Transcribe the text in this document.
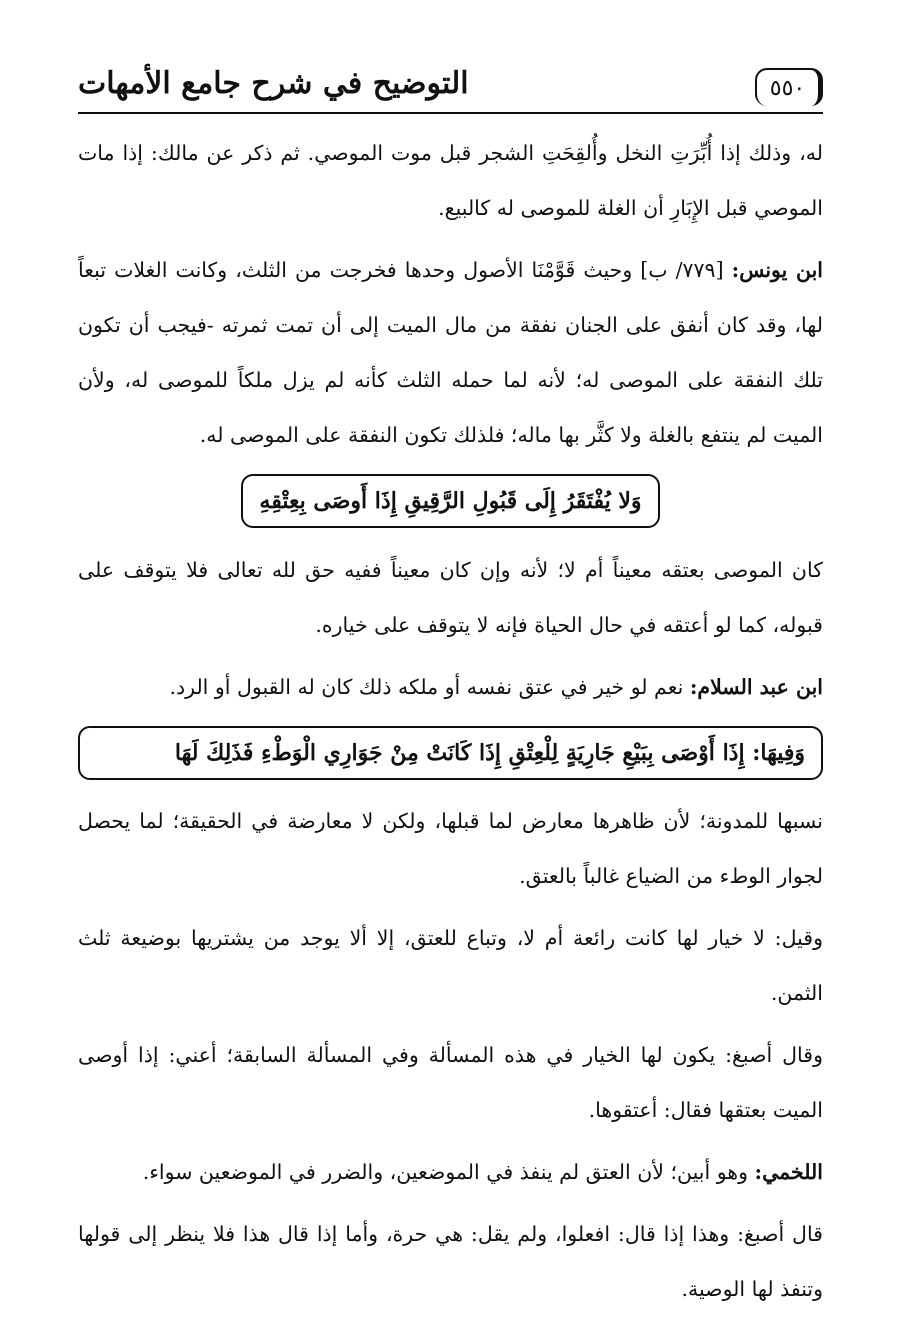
التوضيح في شرح جامع الأمهات	٥٥٠

له، وذلك إذا أُبِّرَتِ النخل وأُلقِحَتِ الشجر قبل موت الموصي. ثم ذكر عن مالك: إذا مات الموصي قبل الإِبَارِ أن الغلة للموصى له كالبيع.

ابن يونس: [٧٧٩/ ب] وحيث قَوَّمْنَا الأصول وحدها فخرجت من الثلث، وكانت الغلات تبعاً لها، وقد كان أنفق على الجنان نفقة من مال الميت إلى أن تمت ثمرته -فيجب أن تكون تلك النفقة على الموصى له؛ لأنه لما حمله الثلث كأنه لم يزل ملكاً للموصى له، ولأن الميت لم ينتفع بالغلة ولا كثَّر بها ماله؛ فلذلك تكون النفقة على الموصى له.

وَلا يُفْتَقَرُ إِلَى قَبُولِ الرَّقِيقِ إِذَا أَوصَى بِعِتْقِهِ

كان الموصى بعتقه معيناً أم لا؛ لأنه وإن كان معيناً ففيه حق لله تعالى فلا يتوقف على قبوله، كما لو أعتقه في حال الحياة فإنه لا يتوقف على خياره.

ابن عبد السلام: نعم لو خير في عتق نفسه أو ملكه ذلك كان له القبول أو الرد.

وَفِيهَا: إِذَا أَوْصَى بِبَيْعِ جَارِيَةٍ لِلْعِتْقِ إِذَا كَانَتْ مِنْ جَوَارِي الْوَطْءِ فَذَلِكَ لَهَا

نسبها للمدونة؛ لأن ظاهرها معارض لما قبلها، ولكن لا معارضة في الحقيقة؛ لما يحصل لجوار الوطء من الضياع غالباً بالعتق.

وقيل: لا خيار لها كانت رائعة أم لا، وتباع للعتق، إلا ألا يوجد من يشتريها بوضيعة ثلث الثمن.

وقال أصبغ: يكون لها الخيار في هذه المسألة وفي المسألة السابقة؛ أعني: إذا أوصى الميت بعتقها فقال: أعتقوها.

اللخمي: وهو أبين؛ لأن العتق لم ينفذ في الموضعين، والضرر في الموضعين سواء.

قال أصبغ: وهذا إذا قال: افعلوا، ولم يقل: هي حرة، وأما إذا قال هذا فلا ينظر إلى قولها وتنفذ لها الوصية.
